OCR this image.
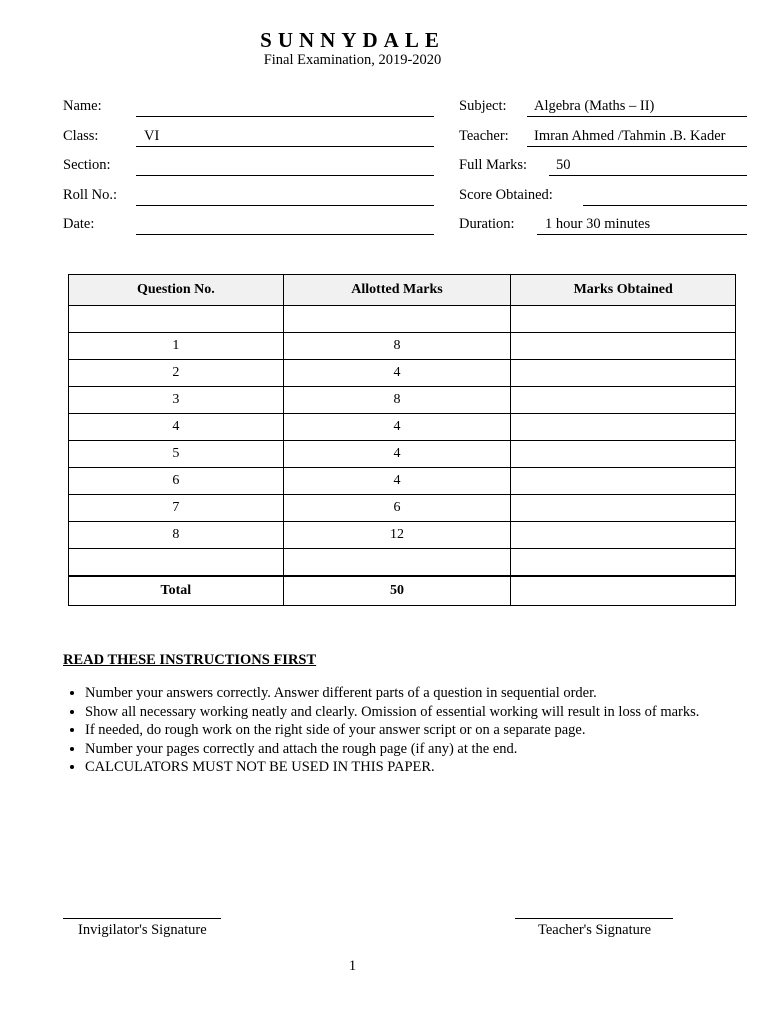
SUNNYDALE
Final Examination, 2019-2020
Name:
Class:	VI
Section:
Roll No.:
Date:
Subject: Algebra (Maths – II)
Teacher: Imran Ahmed /Tahmin .B. Kader
Full Marks: 50
Score Obtained:
Duration: 1 hour 30 minutes
Question No.	Allotted Marks	Marks Obtained

1	8	
2	4	
3	8	
4	4	
5	4	
6	4	
7	6	
8	12	

Total	50	
READ THESE INSTRUCTIONS FIRST
• Number your answers correctly. Answer different parts of a question in sequential order.
• Show all necessary working neatly and clearly. Omission of essential working will result in loss of marks.
• If needed, do rough work on the right side of your answer script or on a separate page.
• Number your pages correctly and attach the rough page (if any) at the end.
• CALCULATORS MUST NOT BE USED IN THIS PAPER.
Invigilator's Signature	Teacher's Signature
1
